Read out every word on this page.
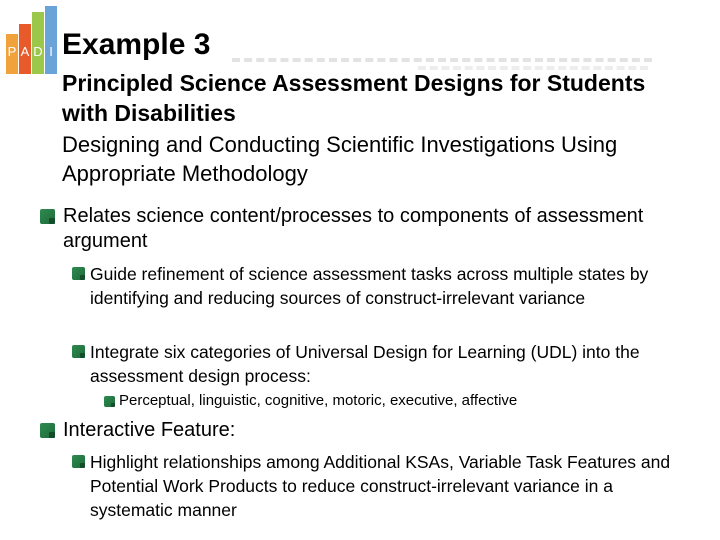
P A D I Example 3
Principled Science Assessment Designs for Students with Disabilities
Designing and Conducting Scientific Investigations Using Appropriate Methodology
Relates science content/processes to components of assessment argument
Guide refinement of science assessment tasks across multiple states by identifying and reducing sources of construct-irrelevant variance
Integrate six categories of Universal Design for Learning (UDL) into the assessment design process:
Perceptual, linguistic, cognitive, motoric, executive, affective
Interactive Feature:
Highlight relationships among Additional KSAs, Variable Task Features and Potential Work Products to reduce construct-irrelevant variance in a systematic manner
